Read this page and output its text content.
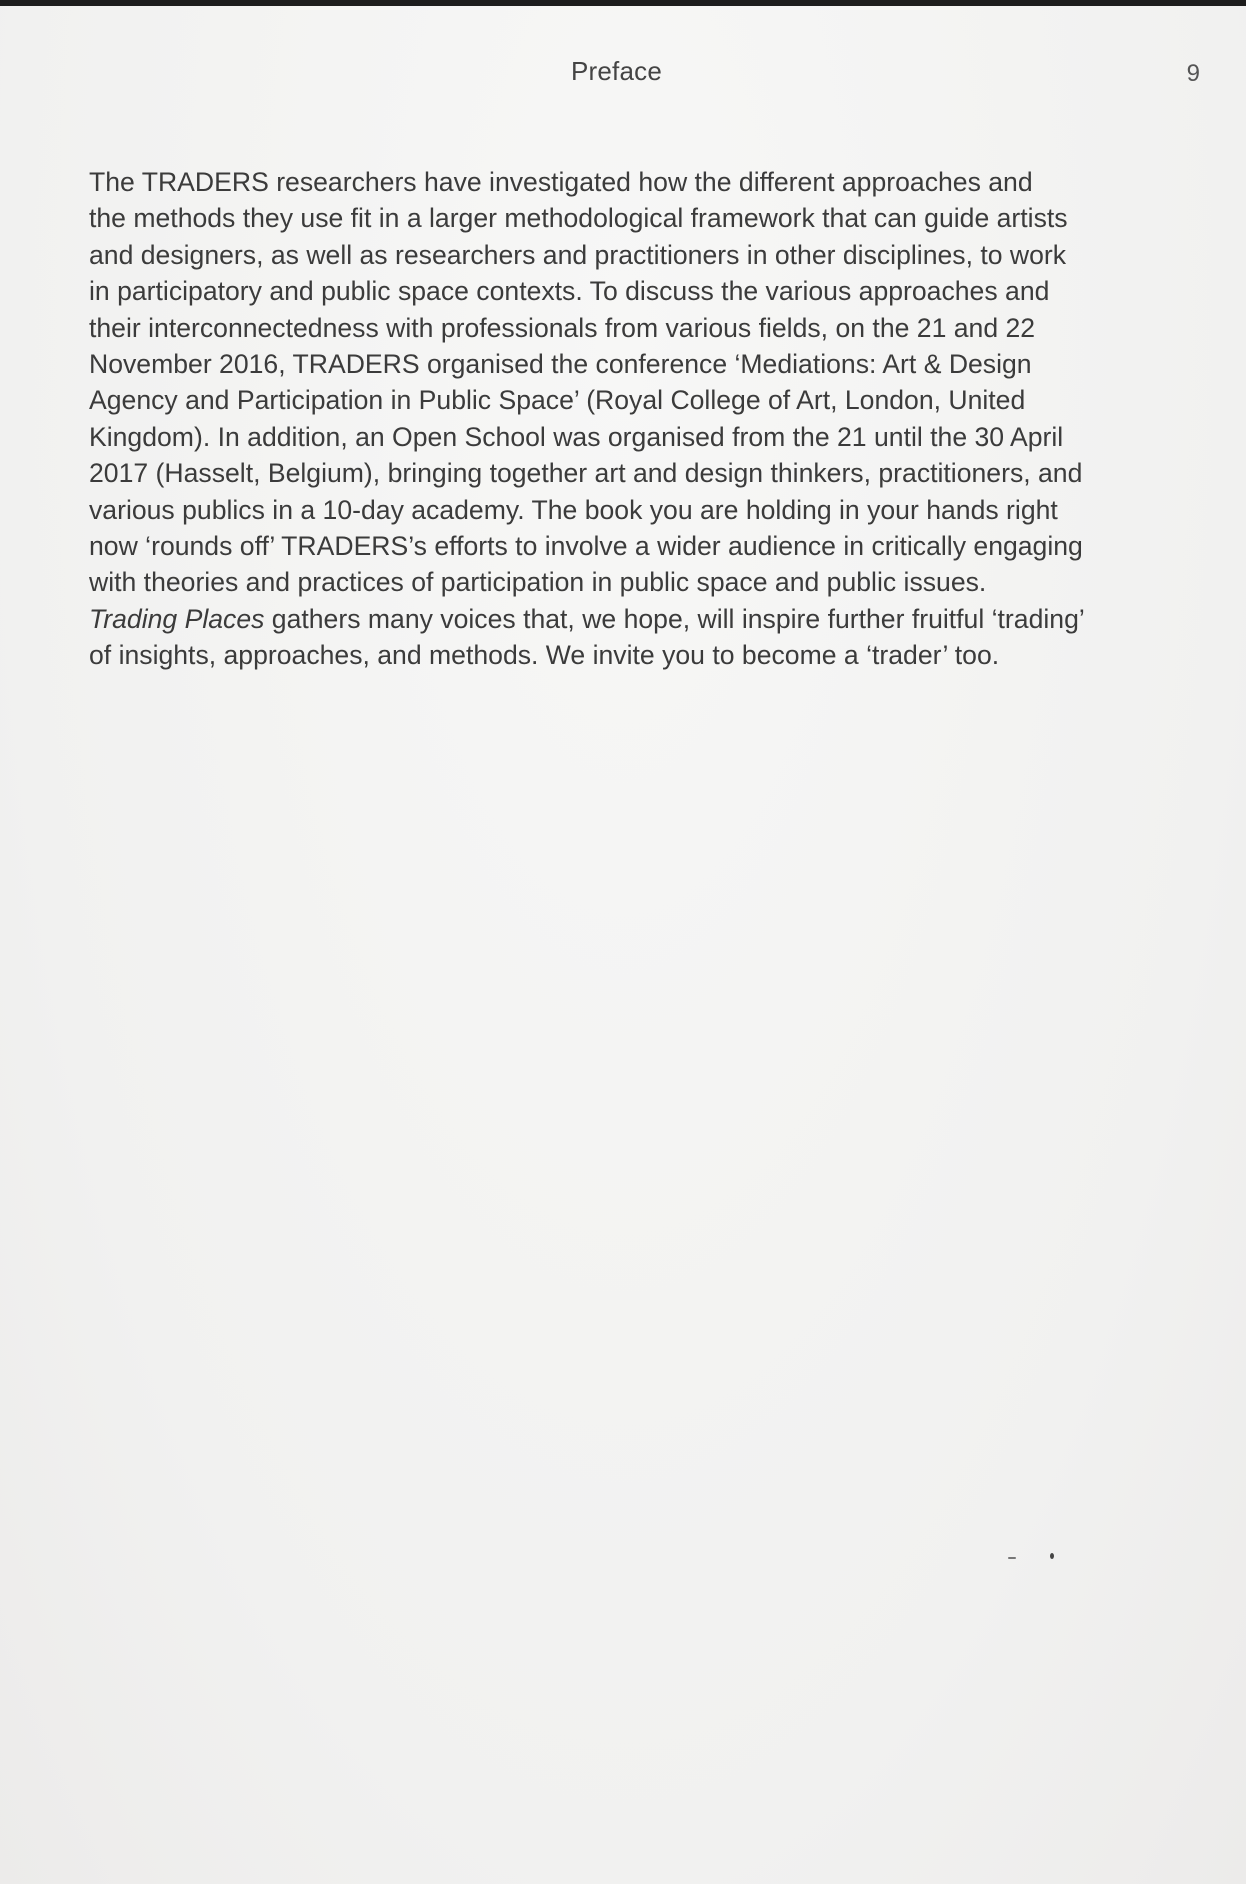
Preface	9

The TRADERS researchers have investigated how the different approaches and
the methods they use fit in a larger methodological framework that can guide artists
and designers, as well as researchers and practitioners in other disciplines, to work
in participatory and public space contexts. To discuss the various approaches and
their interconnectedness with professionals from various fields, on the 21 and 22
November 2016, TRADERS organised the conference ‘Mediations: Art & Design
Agency and Participation in Public Space’ (Royal College of Art, London, United
Kingdom). In addition, an Open School was organised from the 21 until the 30 April
2017 (Hasselt, Belgium), bringing together art and design thinkers, practitioners, and
various publics in a 10-day academy. The book you are holding in your hands right
now ‘rounds off’ TRADERS’s efforts to involve a wider audience in critically engaging
with theories and practices of participation in public space and public issues.
Trading Places gathers many voices that, we hope, will inspire further fruitful ‘trading’
of insights, approaches, and methods. We invite you to become a ‘trader’ too.
